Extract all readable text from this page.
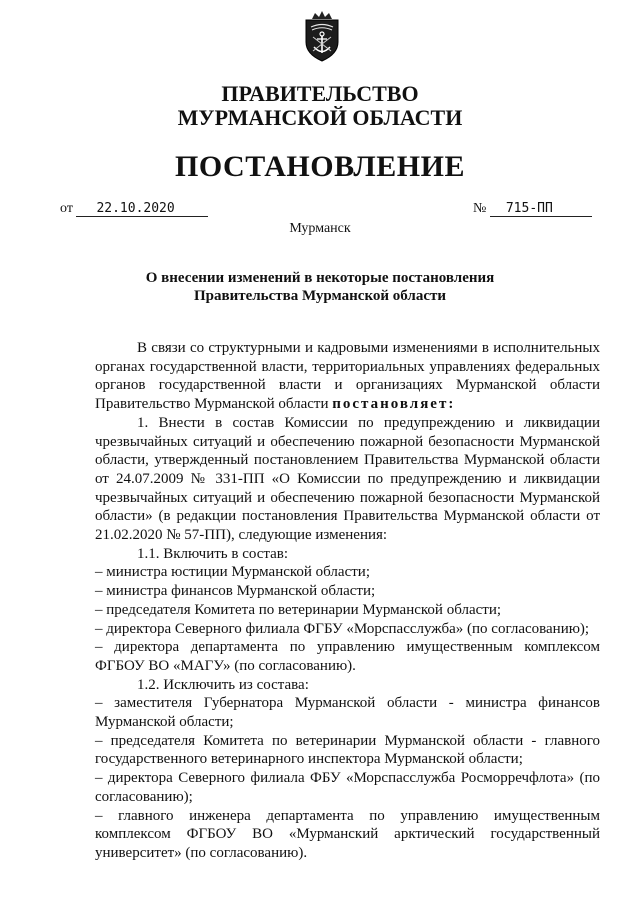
ПРАВИТЕЛЬСТВО
МУРМАНСКОЙ ОБЛАСТИ
ПОСТАНОВЛЕНИЕ
от 22.10.2020	№ 715-ПП
Мурманск
О внесении изменений в некоторые постановления
Правительства Мурманской области

В связи со структурными и кадровыми изменениями в исполнительных органах государственной власти, территориальных управлениях федеральных органов государственной власти и организациях Мурманской области Правительство Мурманской области постановляет:

1. Внести в состав Комиссии по предупреждению и ликвидации чрезвычайных ситуаций и обеспечению пожарной безопасности Мурманской области, утвержденный постановлением Правительства Мурманской области от 24.07.2009 № 331-ПП «О Комиссии по предупреждению и ликвидации чрезвычайных ситуаций и обеспечению пожарной безопасности Мурманской области» (в редакции постановления Правительства Мурманской области от 21.02.2020 № 57-ПП), следующие изменения:

1.1. Включить в состав:

– министра юстиции Мурманской области;

– министра финансов Мурманской области;

– председателя Комитета по ветеринарии Мурманской области;

– директора Северного филиала ФГБУ «Морспасслужба» (по согласованию);

– директора департамента по управлению имущественным комплексом ФГБОУ ВО «МАГУ» (по согласованию).

1.2. Исключить из состава:

– заместителя Губернатора Мурманской области - министра финансов Мурманской области;

– председателя Комитета по ветеринарии Мурманской области - главного государственного ветеринарного инспектора Мурманской области;

– директора Северного филиала ФБУ «Морспасслужба Росморречфлота» (по согласованию);

– главного инженера департамента по управлению имущественным комплексом ФГБОУ ВО «Мурманский арктический государственный университет» (по согласованию).
